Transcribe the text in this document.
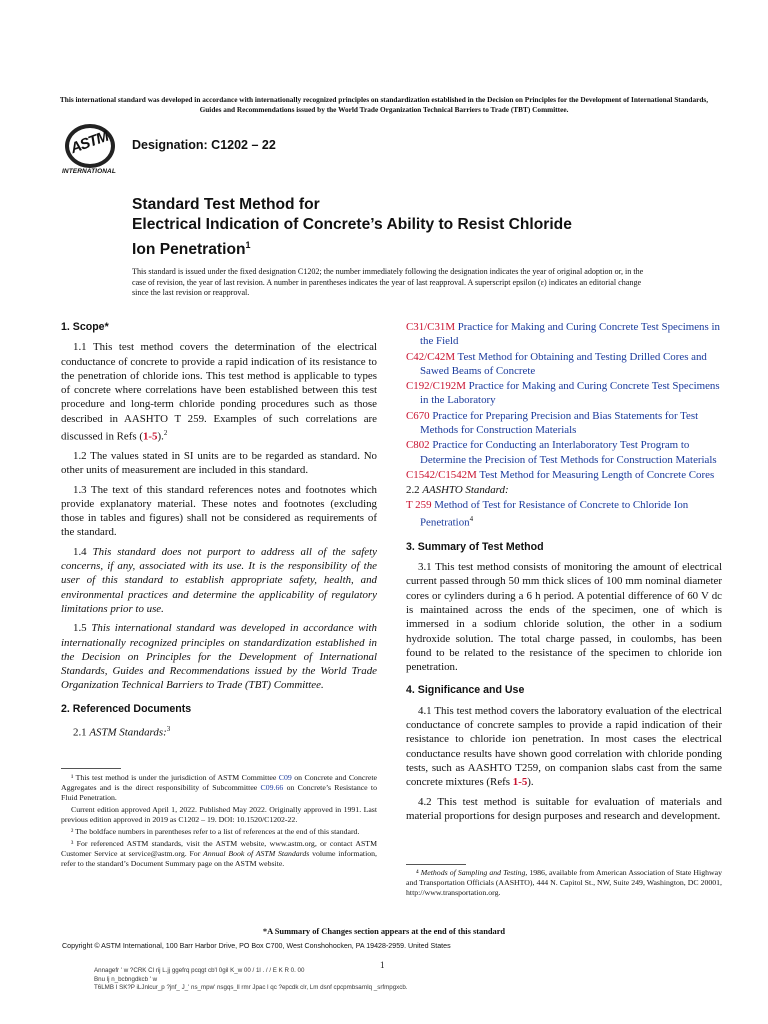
This international standard was developed in accordance with internationally recognized principles on standardization established in the Decision on Principles for the Development of International Standards, Guides and Recommendations issued by the World Trade Organization Technical Barriers to Trade (TBT) Committee.
ASTM
INTERNATIONAL
Designation: C1202 – 22
Standard Test Method for
Electrical Indication of Concrete’s Ability to Resist Chloride
Ion Penetration$^1$
This standard is issued under the fixed designation C1202; the number immediately following the designation indicates the year of original adoption or, in the case of revision, the year of last revision. A number in parentheses indicates the year of last reapproval. A superscript epsilon (ε) indicates an editorial change since the last revision or reapproval.
1. Scope*

1.1 This test method covers the determination of the electrical conductance of concrete to provide a rapid indication of its resistance to the penetration of chloride ions. This test method is applicable to types of concrete where correlations have been established between this test procedure and long-term chloride ponding procedures such as those described in AASHTO T 259. Examples of such correlations are discussed in Refs (1-5).$^2$

1.2 The values stated in SI units are to be regarded as standard. No other units of measurement are included in this standard.

1.3 The text of this standard references notes and footnotes which provide explanatory material. These notes and footnotes (excluding those in tables and figures) shall not be considered as requirements of the standard.

1.4 This standard does not purport to address all of the safety concerns, if any, associated with its use. It is the responsibility of the user of this standard to establish appropriate safety, health, and environmental practices and determine the applicability of regulatory limitations prior to use.

1.5 This international standard was developed in accordance with internationally recognized principles on standardization established in the Decision on Principles for the Development of International Standards, Guides and Recommendations issued by the World Trade Organization Technical Barriers to Trade (TBT) Committee.

2. Referenced Documents

2.1 ASTM Standards:$^3$

¹ This test method is under the jurisdiction of ASTM Committee C09 on Concrete and Concrete Aggregates and is the direct responsibility of Subcommittee C09.66 on Concrete’s Resistance to Fluid Penetration.

Current edition approved April 1, 2022. Published May 2022. Originally approved in 1991. Last previous edition approved in 2019 as C1202 – 19. DOI: 10.1520/C1202-22.

² The boldface numbers in parentheses refer to a list of references at the end of this standard.

³ For referenced ASTM standards, visit the ASTM website, www.astm.org, or contact ASTM Customer Service at service@astm.org. For Annual Book of ASTM Standards volume information, refer to the standard’s Document Summary page on the ASTM website.

C31/C31M Practice for Making and Curing Concrete Test Specimens in the Field
C42/C42M Test Method for Obtaining and Testing Drilled Cores and Sawed Beams of Concrete
C192/C192M Practice for Making and Curing Concrete Test Specimens in the Laboratory
C670 Practice for Preparing Precision and Bias Statements for Test Methods for Construction Materials
C802 Practice for Conducting an Interlaboratory Test Program to Determine the Precision of Test Methods for Construction Materials
C1542/C1542M Test Method for Measuring Length of Concrete Cores

2.2 AASHTO Standard:

T 259 Method of Test for Resistance of Concrete to Chloride Ion Penetration$^4$
3. Summary of Test Method

3.1 This test method consists of monitoring the amount of electrical current passed through 50 mm thick slices of 100 mm nominal diameter cores or cylinders during a 6 h period. A potential difference of 60 V dc is maintained across the ends of the specimen, one of which is immersed in a sodium chloride solution, the other in a sodium hydroxide solution. The total charge passed, in coulombs, has been found to be related to the resistance of the specimen to chloride ion penetration.

4. Significance and Use

4.1 This test method covers the laboratory evaluation of the electrical conductance of concrete samples to provide a rapid indication of their resistance to chloride ion penetration. In most cases the electrical conductance results have shown good correlation with chloride ponding tests, such as AASHTO T259, on companion slabs cast from the same concrete mixtures (Refs 1-5).

4.2 This test method is suitable for evaluation of materials and material proportions for design purposes and research and development.

⁴ Methods of Sampling and Testing, 1986, available from American Association of State Highway and Transportation Officials (AASHTO), 444 N. Capitol St., NW, Suite 249, Washington, DC 20001, http://www.transportation.org.

*A Summary of Changes section appears at the end of this standard
Copyright © ASTM International, 100 Barr Harbor Drive, PO Box C700, West Conshohocken, PA 19428-2959. United States
1
Annagefr ' w ?CRK Cl rij L.jj ggefrq pcqgt cb'l 0gil K_w 00 / 1l . / / E K R 0. 00
Bnu lj n_bcbngdkcb ' w
T6LMB I SK?P iLJnlcur_p ?jnf_ J_' ns_mpw' nsgqs_ll rmr Jpac l qc ?epcdk clr, Lm dsnf cpcpmbsarnlq _srfmpgxcb.
